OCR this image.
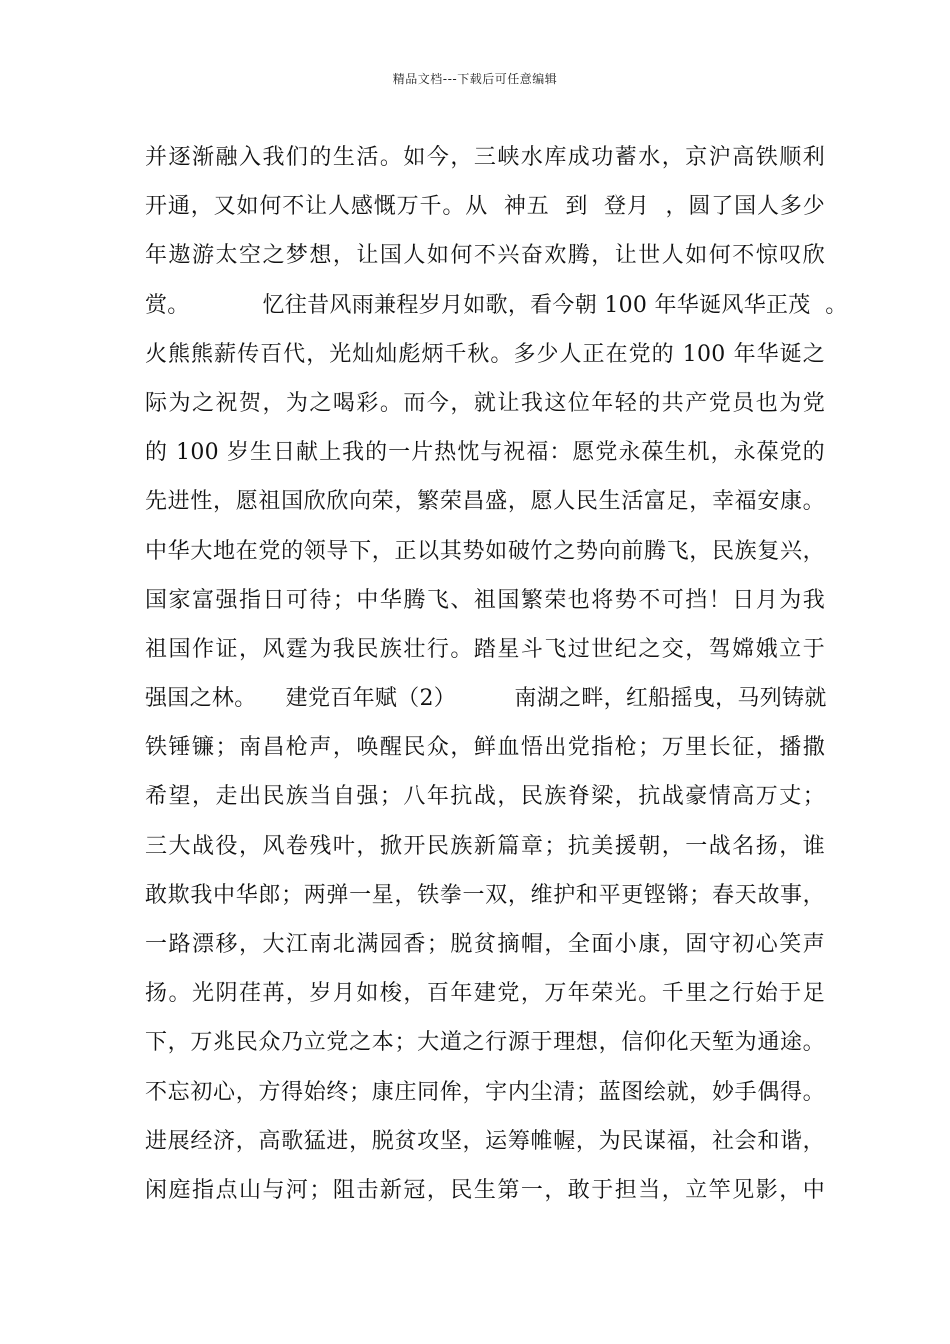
精品文档---下载后可任意编辑
并逐渐融入我们的生活。如今，三峡水库成功蓄水，京沪高铁顺利
开通，又如何不让人感慨万千。从  神五  到  登月  ，圆了国人多少
年遨游太空之梦想，让国人如何不兴奋欢腾，让世人如何不惊叹欣
赏。          忆往昔风雨兼程岁月如歌，看今朝 100 年华诞风华正茂  。
火熊熊薪传百代，光灿灿彪炳千秋。多少人正在党的 100 年华诞之
际为之祝贺，为之喝彩。而今，就让我这位年轻的共产党员也为党
的 100 岁生日献上我的一片热忱与祝福：愿党永葆生机，永葆党的
先进性，愿祖国欣欣向荣，繁荣昌盛，愿人民生活富足，幸福安康。
中华大地在党的领导下，正以其势如破竹之势向前腾飞，民族复兴，
国家富强指日可待；中华腾飞、祖国繁荣也将势不可挡！日月为我
祖国作证，风霆为我民族壮行。踏星斗飞过世纪之交，驾嫦娥立于
强国之林。    建党百年赋（2）        南湖之畔，红船摇曳，马列铸就
铁锤镰；南昌枪声，唤醒民众，鲜血悟出党指枪；万里长征，播撒
希望，走出民族当自强；八年抗战，民族脊梁，抗战豪情高万丈；
三大战役，风卷残叶，掀开民族新篇章；抗美援朝，一战名扬，谁
敢欺我中华郎；两弹一星，铁拳一双，维护和平更铿锵；春天故事，
一路漂移，大江南北满园香；脱贫摘帽，全面小康，固守初心笑声
扬。光阴荏苒，岁月如梭，百年建党，万年荣光。千里之行始于足
下，万兆民众乃立党之本；大道之行源于理想，信仰化天堑为通途。
不忘初心，方得始终；康庄同侔，宇内尘清；蓝图绘就，妙手偶得。
进展经济，高歌猛进，脱贫攻坚，运筹帷幄，为民谋福，社会和谐，
闲庭指点山与河；阻击新冠，民生第一，敢于担当，立竿见影，中
